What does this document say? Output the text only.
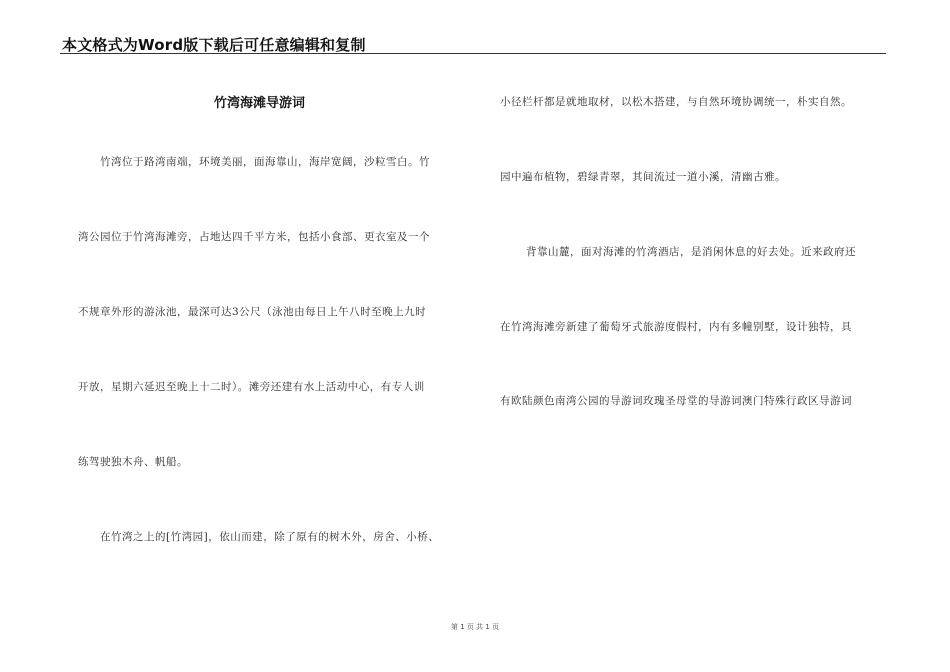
本文格式为Word版下载后可任意编辑和复制
竹湾位于路湾南端，环境美丽，面海靠山，海岸宽阔，沙粒雪白。竹
湾公园位于竹湾海滩旁，占地达四千平方米，包括小食部、更衣室及一个
不规章外形的游泳池，最深可达3公尺（泳池由每日上午八时至晚上九时
开放，星期六延迟至晚上十二时）。滩旁还建有水上活动中心，有专人训
练驾驶独木舟、帆船。
在竹湾之上的[竹湾园]，依山而建，除了原有的树木外，房舍、小桥、
竹湾海滩导游词	小径栏杆都是就地取材，以松木搭建，与自然环境协调统一，朴实自然。
园中遍布植物，碧绿青翠，其间流过一道小溪，清幽古雅。
背靠山麓，面对海滩的竹湾酒店，是消闲休息的好去处。近来政府还
在竹湾海滩旁新建了葡萄牙式旅游度假村，内有多幢别墅，设计独特，具
有欧陆颜色南湾公园的导游词玫瑰圣母堂的导游词澳门特殊行政区导游词
第 1 页 共 1 页
